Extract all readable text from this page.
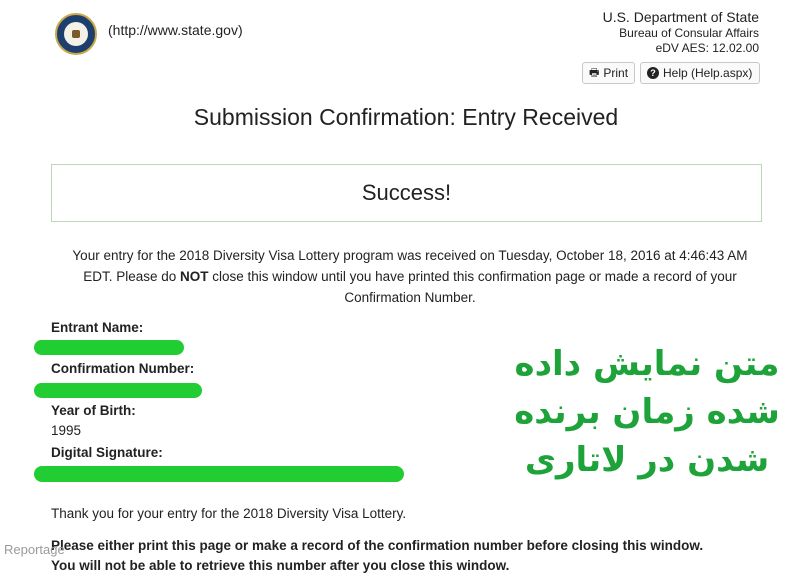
(http://www.state.gov)
U.S. Department of State
Bureau of Consular Affairs
eDV AES: 12.02.00
🖶 Print	? Help (Help.aspx)
Submission Confirmation: Entry Received
Success!
Your entry for the 2018 Diversity Visa Lottery program was received on Tuesday, October 18, 2016 at 4:46:43 AM EDT. Please do NOT close this window until you have printed this confirmation page or made a record of your Confirmation Number.
Entrant Name:
Confirmation Number:
Year of Birth:
1995
Digital Signature:
متن نمایش داده
شده زمان برنده
شدن در لاتاری
Thank you for your entry for the 2018 Diversity Visa Lottery.
Please either print this page or make a record of the confirmation number before closing this window. You will not be able to retrieve this number after you close this window.
Reportage
